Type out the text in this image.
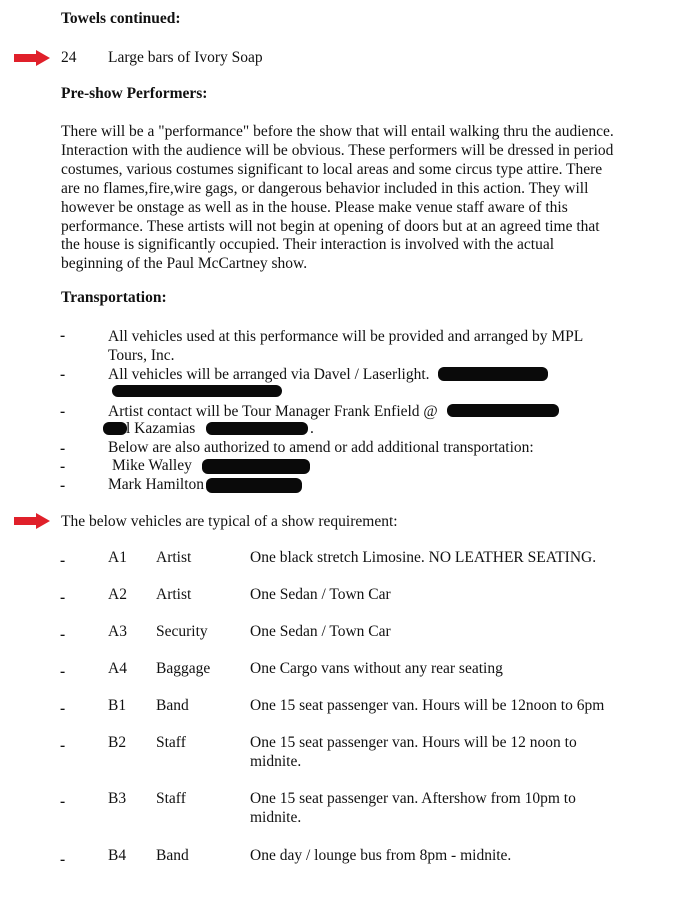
Towels continued:
24 Large bars of Ivory Soap
Pre-show Performers:
There will be a "performance" before the show that will entail walking thru the audience.
Interaction with the audience will be obvious. These performers will be dressed in period
costumes, various costumes significant to local areas and some circus type attire. There
are no flames,fire,wire gags, or dangerous behavior included in this action. They will
however be onstage as well as in the house. Please make venue staff aware of this
performance. These artists will not begin at opening of doors but at an agreed time that
the house is significantly occupied. Their interaction is involved with the actual
beginning of the Paul McCartney show.
Transportation:
-	All vehicles used at this performance will be provided and arranged by MPL
Tours, Inc.
-	All vehicles will be arranged via Davel / Laserlight.
-	Artist contact will be Tour Manager Frank Enfield @
l Kazamias	.
-	Below are also authorized to amend or add additional transportation:
-	Mike Walley
-	Mark Hamilton
The below vehicles are typical of a show requirement:
-	A1 Artist	One black stretch Limosine. NO LEATHER SEATING.
-	A2 Artist	One Sedan / Town Car
-	A3 Security	One Sedan / Town Car
-	A4 Baggage	One Cargo vans without any rear seating
-	B1 Band	One 15 seat passenger van. Hours will be 12noon to 6pm
-	B2 Staff	One 15 seat passenger van. Hours will be 12 noon to
midnite.
-	B3 Staff	One 15 seat passenger van. Aftershow from 10pm to
midnite.
-	B4 Band	One day / lounge bus from 8pm - midnite.
